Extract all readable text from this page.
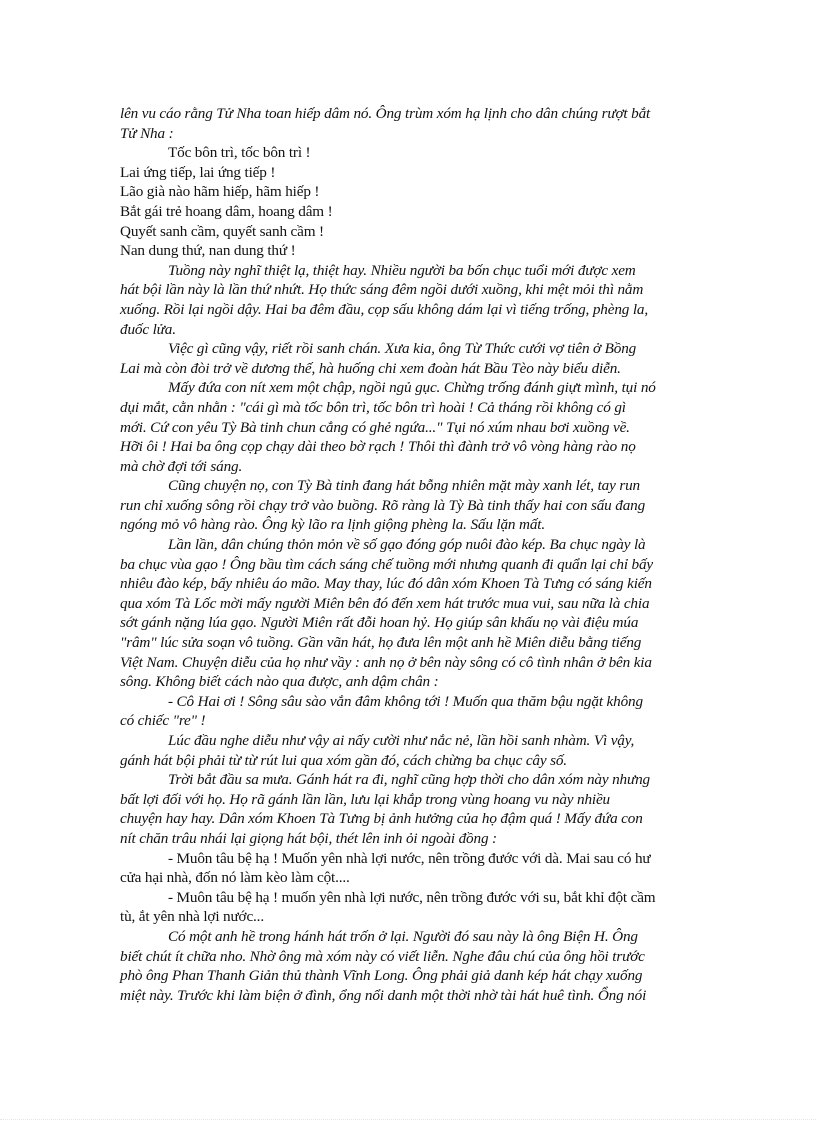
lên vu cáo rằng Tử Nha toan hiếp dâm nó. Ông trùm xóm hạ lịnh cho dân chúng rượt bắt
Tử Nha :
Tốc bôn trì, tốc bôn trì !
Lai ứng tiếp, lai ứng tiếp !
Lão già nào hãm hiếp, hãm hiếp !
Bắt gái trẻ hoang dâm, hoang dâm !
Quyết sanh cầm, quyết sanh cầm !
Nan dung thứ, nan dung thứ !
Tuồng này nghĩ thiệt lạ, thiệt hay. Nhiều người ba bốn chục tuổi mới được xem
hát bội lần này là lần thứ nhứt. Họ thức sáng đêm ngồi dưới xuồng, khi mệt mỏi thì nằm
xuống. Rồi lại ngồi dậy. Hai ba đêm đầu, cọp sấu không dám lại vì tiếng trống, phèng la,
đuốc lửa.
Việc gì cũng vậy, riết rồi sanh chán. Xưa kia, ông Từ Thức cưới vợ tiên ở Bồng
Lai mà còn đòi trở về dương thế, hà huống chi xem đoàn hát Bầu Tèo này biểu diễn.
Mấy đứa con nít xem một chập, ngồi ngủ gục. Chừng trống đánh giựt mình, tụi nó
dụi mắt, cằn nhằn : "cái gì mà tốc bôn trì, tốc bôn trì hoài ! Cả tháng rồi không có gì
mới. Cứ con yêu Tỳ Bà tinh chun cẳng có ghẻ ngứa..." Tụi nó xúm nhau bơi xuồng về.
Hỡi ôi ! Hai ba ông cọp chạy dài theo bờ rạch ! Thôi thì đành trở vô vòng hàng rào nọ
mà chờ đợi tới sáng.
Cũng chuyện nọ, con Tỳ Bà tinh đang hát bỗng nhiên mặt mày xanh lét, tay run
run chỉ xuống sông rồi chạy trở vào buồng. Rõ ràng là Tỳ Bà tinh thấy hai con sấu đang
ngóng mỏ vô hàng rào. Ông kỳ lão ra lịnh giộng phèng la. Sấu lặn mất.
Lần lần, dân chúng thỏn mỏn về số gạo đóng góp nuôi đào kép. Ba chục ngày là
ba chục vùa gạo ! Ông bầu tìm cách sáng chế tuồng mới nhưng quanh đi quẩn lại chỉ bấy
nhiêu đào kép, bấy nhiêu áo mão. May thay, lúc đó dân xóm Khoen Tà Tưng có sáng kiến
qua xóm Tà Lốc mời mấy người Miên bên đó đến xem hát trước mua vui, sau nữa là chia
sớt gánh nặng lúa gạo. Người Miên rất đỗi hoan hỷ. Họ giúp sân khấu nọ vài điệu múa
"râm" lúc sửa soạn vô tuồng. Gần vãn hát, họ đưa lên một anh hề Miên diễu bằng tiếng
Việt Nam. Chuyện diễu của họ như vầy : anh nọ ở bên này sông có cô tình nhân ở bên kia
sông. Không biết cách nào qua được, anh dậm chân :
- Cô Hai ơi ! Sông sâu sào vắn đâm không tới ! Muốn qua thăm bậu ngặt không
có chiếc "re" !
Lúc đầu nghe diễu như vậy ai nấy cười như nắc nẻ, lần hồi sanh nhàm. Vì vậy,
gánh hát bội phải từ từ rút lui qua xóm gần đó, cách chừng ba chục cây số.
Trời bắt đầu sa mưa. Gánh hát ra đi, nghĩ cũng hợp thời cho dân xóm này nhưng
bất lợi đối với họ. Họ rã gánh lần lần, lưu lại khắp trong vùng hoang vu này nhiều
chuyện hay hay. Dân xóm Khoen Tà Tưng bị ảnh hưởng của họ đậm quá ! Mấy đứa con
nít chăn trâu nhái lại giọng hát bội, thét lên inh ỏi ngoài đồng :
- Muôn tâu bệ hạ ! Muốn yên nhà lợi nước, nên trồng đước với dà. Mai sau có hư
cửa hại nhà, đốn nó làm kèo làm cột....
- Muôn tâu bệ hạ ! muốn yên nhà lợi nước, nên trồng đước với su, bắt khỉ đột cầm
tù, ắt yên nhà lợi nước...
Có một anh hề trong hánh hát trốn ở lại. Người đó sau này là ông Biện H. Ông
biết chút ít chữa nho. Nhờ ông mà xóm này có viết liễn. Nghe đâu chú của ông hồi trước
phò ông Phan Thanh Giản thủ thành Vĩnh Long. Ông phải giả danh kép hát chạy xuống
miệt này. Trước khi làm biện ở đình, ổng nổi danh một thời nhờ tài hát huê tình. Ổng nói
